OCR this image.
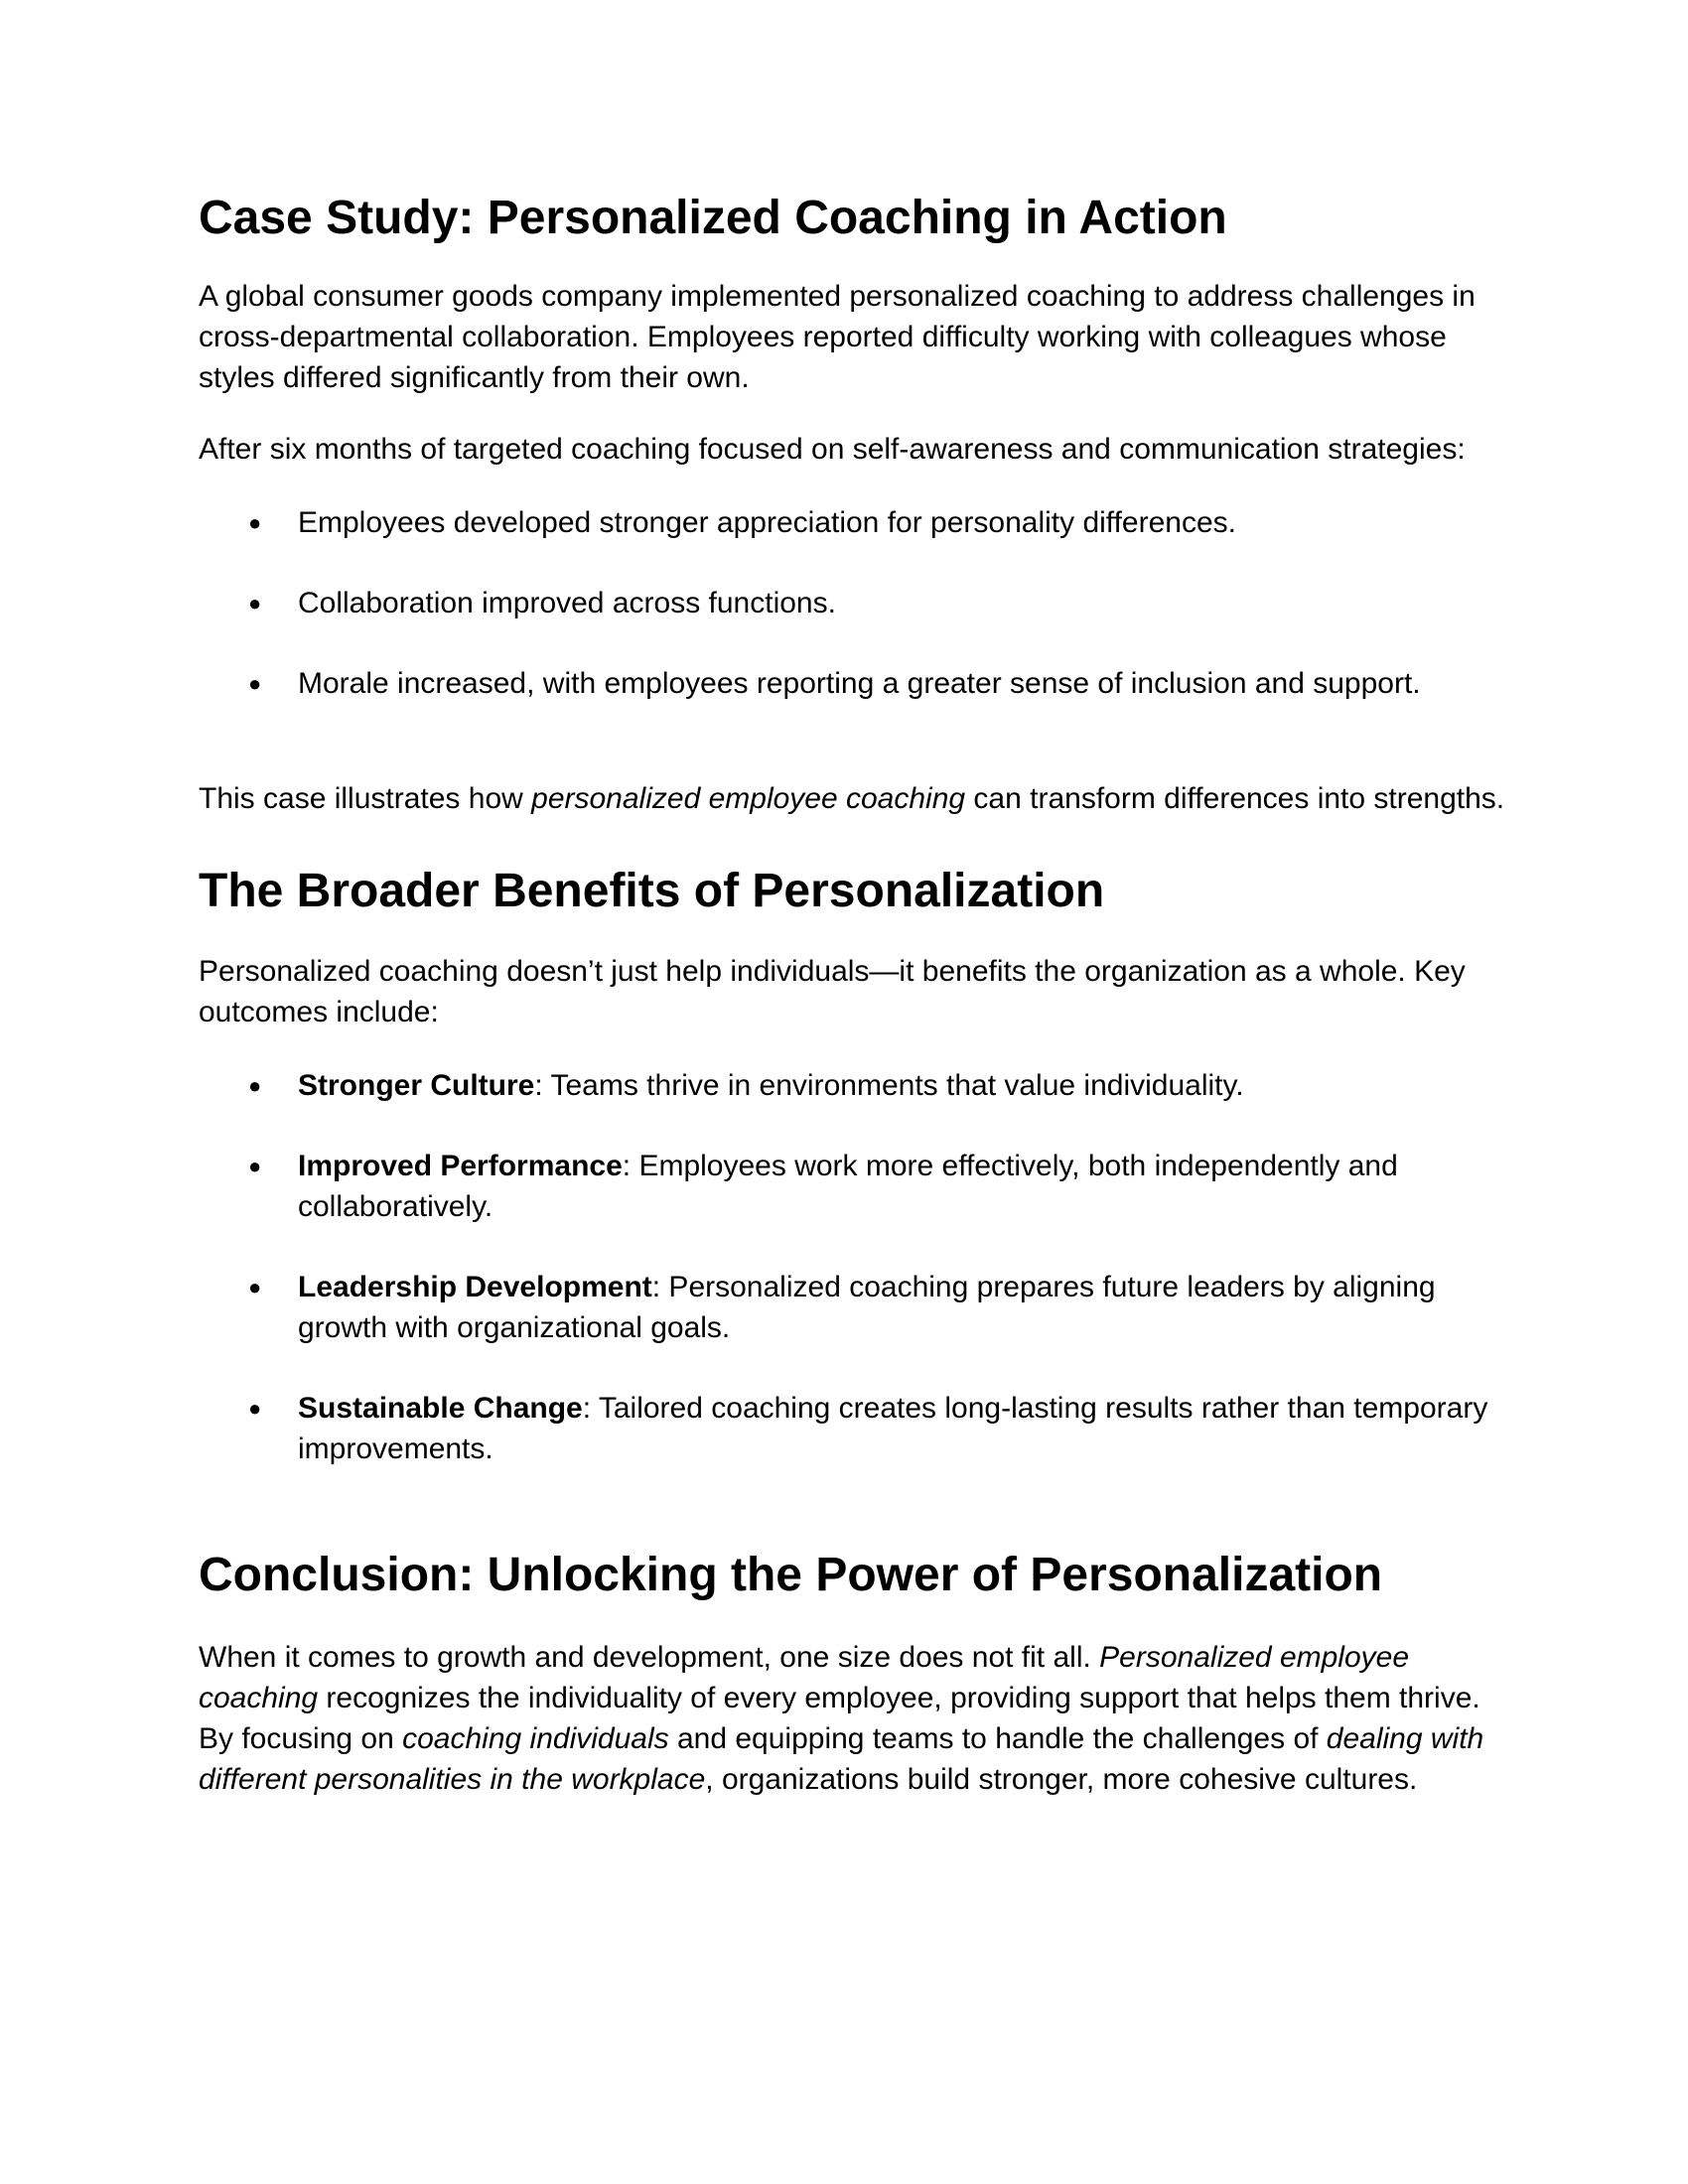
Case Study: Personalized Coaching in Action

A global consumer goods company implemented personalized coaching to address challenges in cross-departmental collaboration. Employees reported difficulty working with colleagues whose styles differed significantly from their own.

After six months of targeted coaching focused on self-awareness and communication strategies:

● Employees developed stronger appreciation for personality differences.
● Collaboration improved across functions.
● Morale increased, with employees reporting a greater sense of inclusion and support.

This case illustrates how personalized employee coaching can transform differences into strengths.

The Broader Benefits of Personalization

Personalized coaching doesn’t just help individuals—it benefits the organization as a whole. Key outcomes include:

● Stronger Culture: Teams thrive in environments that value individuality.
● Improved Performance: Employees work more effectively, both independently and collaboratively.
● Leadership Development: Personalized coaching prepares future leaders by aligning growth with organizational goals.
● Sustainable Change: Tailored coaching creates long-lasting results rather than temporary improvements.
Conclusion: Unlocking the Power of Personalization

When it comes to growth and development, one size does not fit all. Personalized employee coaching recognizes the individuality of every employee, providing support that helps them thrive. By focusing on coaching individuals and equipping teams to handle the challenges of dealing with different personalities in the workplace, organizations build stronger, more cohesive cultures.
